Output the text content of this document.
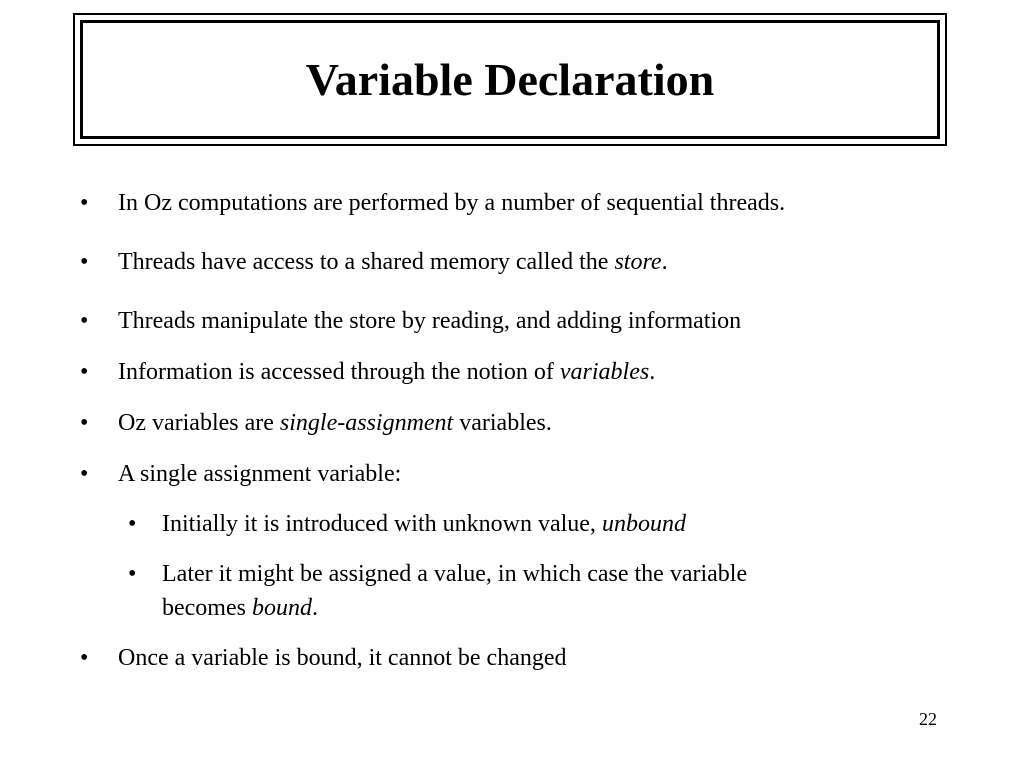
Variable Declaration
• In Oz computations are performed by a number of sequential threads.
• Threads have access to a shared memory called the store.
• Threads manipulate the store by reading, and adding information
• Information is accessed through the notion of variables.
• Oz variables are single-assignment variables.
• A single assignment variable:
• Initially it is introduced with unknown value, unbound
• Later it might be assigned a value, in which case the variable
becomes bound.
• Once a variable is bound, it cannot be changed
22
